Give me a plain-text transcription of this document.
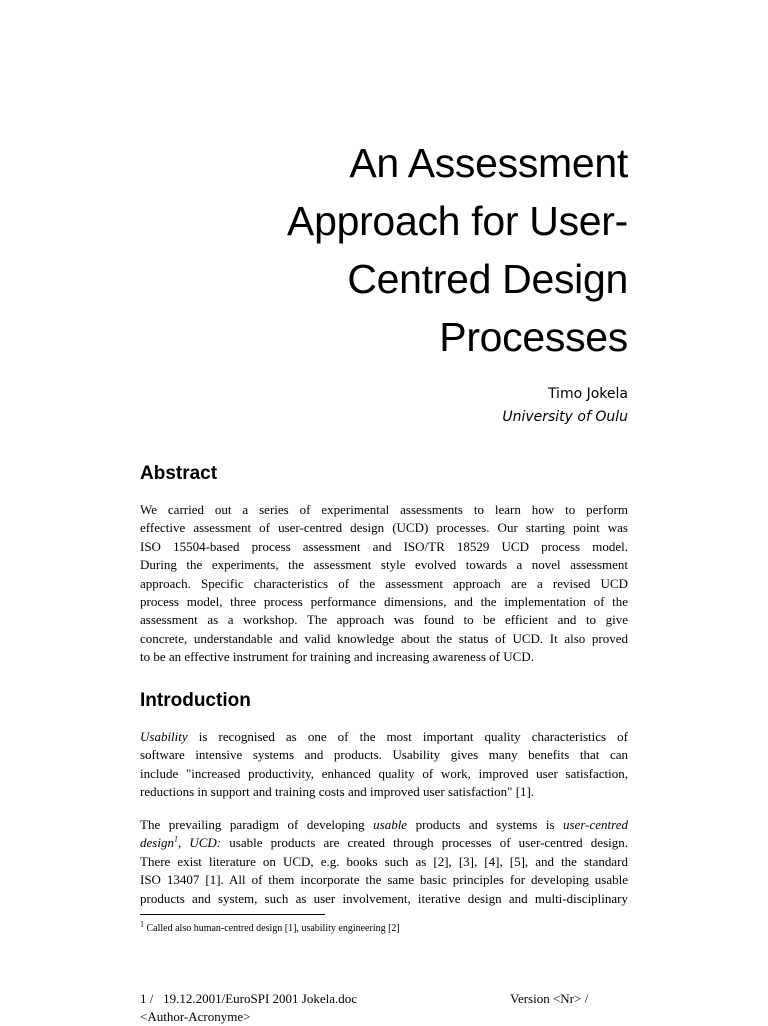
An Assessment
Approach for User-
Centred Design
Processes
Timo Jokela
University of Oulu
Abstract

We carried out a series of experimental assessments to learn how to perform
effective assessment of user-centred design (UCD) processes. Our starting point was
ISO 15504-based process assessment and ISO/TR 18529 UCD process model.
During the experiments, the assessment style evolved towards a novel assessment
approach. Specific characteristics of the assessment approach are a revised UCD
process model, three process performance dimensions, and the implementation of the
assessment as a workshop. The approach was found to be efficient and to give
concrete, understandable and valid knowledge about the status of UCD. It also proved
to be an effective instrument for training and increasing awareness of UCD.

Introduction

Usability is recognised as one of the most important quality characteristics of
software intensive systems and products. Usability gives many benefits that can
include "increased productivity, enhanced quality of work, improved user satisfaction,
reductions in support and training costs and improved user satisfaction" [1].

The prevailing paradigm of developing usable products and systems is user-centred
design$^1$, UCD: usable products are created through processes of user-centred design.
There exist literature on UCD, e.g. books such as [2], [3], [4], [5], and the standard
ISO 13407 [1]. All of them incorporate the same basic principles for developing usable
products and system, such as user involvement, iterative design and multi-disciplinary

$^1$ Called also human-centred design [1], usability engineering [2]
1 /   19.12.2001/EuroSPI 2001 Jokela.doc
<Author-Acronyme>
Version <Nr> /
